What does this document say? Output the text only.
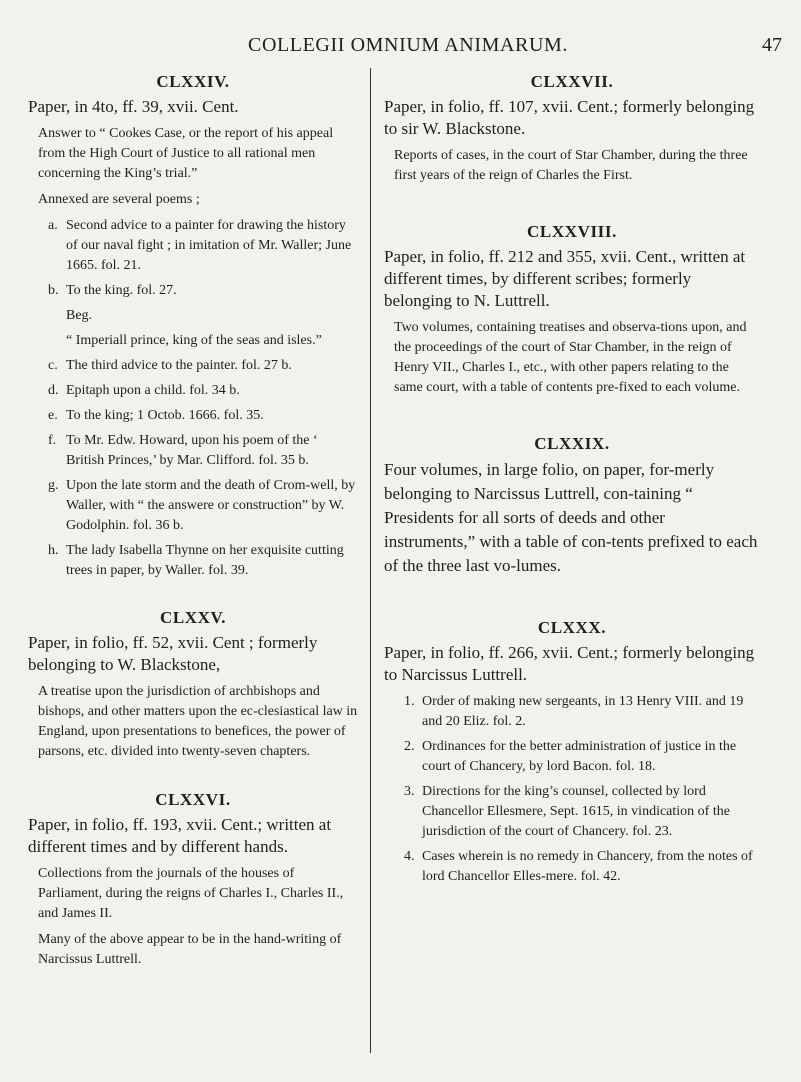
COLLEGII OMNIUM ANIMARUM.	47
CLXXIV.

Paper, in 4to, ff. 39, xvii. Cent.

Answer to “ Cookes Case, or the report of his appeal from the High Court of Justice to all rational men concerning the King’s trial.”

Annexed are several poems ;

a. Second advice to a painter for drawing the history of our naval fight ; in imitation of Mr. Waller; June 1665. fol. 21.
b. To the king. fol. 27.
Beg.
“ Imperiall prince, king of the seas and isles.”
c. The third advice to the painter. fol. 27 b.
d. Epitaph upon a child. fol. 34 b.
e. To the king; 1 Octob. 1666. fol. 35.
f. To Mr. Edw. Howard, upon his poem of the ‘ British Princes,’ by Mar. Clifford. fol. 35 b.
g. Upon the late storm and the death of Crom-well, by Waller, with “ the answere or construction” by W. Godolphin. fol. 36 b.
h. The lady Isabella Thynne on her exquisite cutting trees in paper, by Waller. fol. 39.
CLXXV.

Paper, in folio, ff. 52, xvii. Cent ; formerly belonging to W. Blackstone,

A treatise upon the jurisdiction of archbishops and bishops, and other matters upon the ec-clesiastical law in England, upon presentations to benefices, the power of parsons, etc. divided into twenty-seven chapters.

CLXXVI.

Paper, in folio, ff. 193, xvii. Cent.; written at different times and by different hands.

Collections from the journals of the houses of Parliament, during the reigns of Charles I., Charles II., and James II.

Many of the above appear to be in the hand-writing of Narcissus Luttrell.

CLXXVII.

Paper, in folio, ff. 107, xvii. Cent.; formerly belonging to sir W. Blackstone.

Reports of cases, in the court of Star Chamber, during the three first years of the reign of Charles the First.

CLXXVIII.

Paper, in folio, ff. 212 and 355, xvii. Cent., written at different times, by different scribes; formerly belonging to N. Luttrell.

Two volumes, containing treatises and observa-tions upon, and the proceedings of the court of Star Chamber, in the reign of Henry VII., Charles I., etc., with other papers relating to the same court, with a table of contents pre-fixed to each volume.

CLXXIX.

Four volumes, in large folio, on paper, for-merly belonging to Narcissus Luttrell, con-taining “ Presidents for all sorts of deeds and other instruments,” with a table of con-tents prefixed to each of the three last vo-lumes.

CLXXX.

Paper, in folio, ff. 266, xvii. Cent.; formerly belonging to Narcissus Luttrell.

1. Order of making new sergeants, in 13 Henry VIII. and 19 and 20 Eliz. fol. 2.
2. Ordinances for the better administration of justice in the court of Chancery, by lord Bacon. fol. 18.
3. Directions for the king’s counsel, collected by lord Chancellor Ellesmere, Sept. 1615, in vindication of the jurisdiction of the court of Chancery. fol. 23.
4. Cases wherein is no remedy in Chancery, from the notes of lord Chancellor Elles-mere. fol. 42.
